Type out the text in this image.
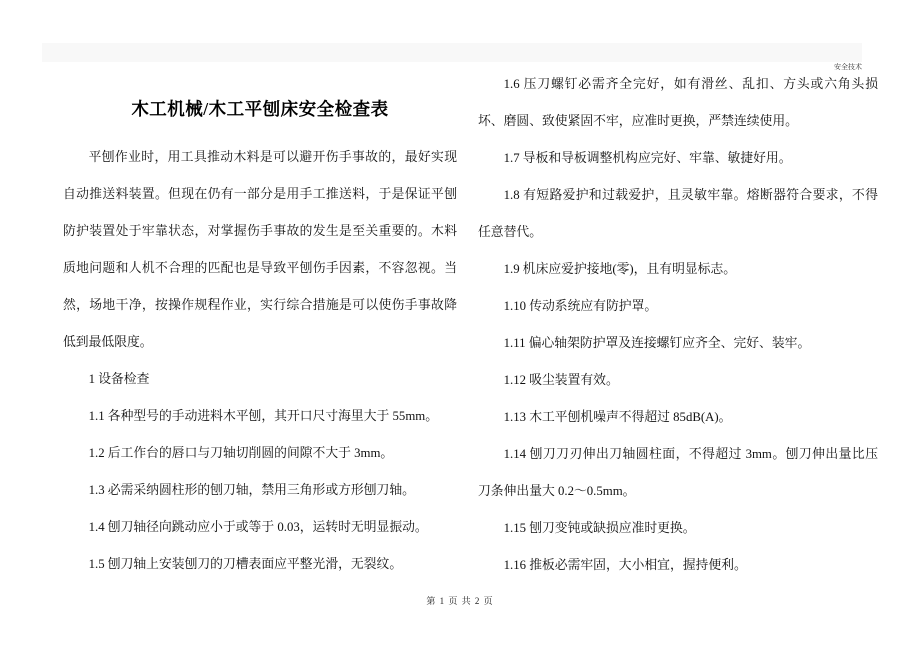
安全技术
木工机械/木工平刨床安全检查表

平刨作业时，用工具推动木料是可以避开伤手事故的，最好实现自动推送料装置。但现在仍有一部分是用手工推送料，于是保证平刨防护装置处于牢靠状态，对掌握伤手事故的发生是至关重要的。木料质地问题和人机不合理的匹配也是导致平刨伤手因素，不容忽视。当然，场地干净，按操作规程作业，实行综合措施是可以使伤手事故降低到最低限度。

1 设备检查

1.1 各种型号的手动进料木平刨，其开口尺寸海里大于 55mm。

1.2 后工作台的唇口与刀轴切削圆的间隙不大于 3mm。

1.3 必需采纳圆柱形的刨刀轴，禁用三角形或方形刨刀轴。

1.4 刨刀轴径向跳动应小于或等于 0.03，运转时无明显振动。

1.5 刨刀轴上安装刨刀的刀槽表面应平整光滑，无裂纹。

1.6 压刀螺钉必需齐全完好，如有滑丝、乱扣、方头或六角头损坏、磨圆、致使紧固不牢，应准时更换，严禁连续使用。

1.7 导板和导板调整机构应完好、牢靠、敏捷好用。

1.8 有短路爱护和过载爱护，且灵敏牢靠。熔断器符合要求，不得任意替代。

1.9 机床应爱护接地(零)，且有明显标志。

1.10 传动系统应有防护罩。

1.11 偏心轴架防护罩及连接螺钉应齐全、完好、装牢。

1.12 吸尘装置有效。

1.13 木工平刨机噪声不得超过 85dB(A)。

1.14 刨刀刀刃伸出刀轴圆柱面，不得超过 3mm。刨刀伸出量比压刀条伸出量大 0.2～0.5mm。

1.15 刨刀变钝或缺损应准时更换。

1.16 推板必需牢固，大小相宜，握持便利。

第 1 页 共 2 页
